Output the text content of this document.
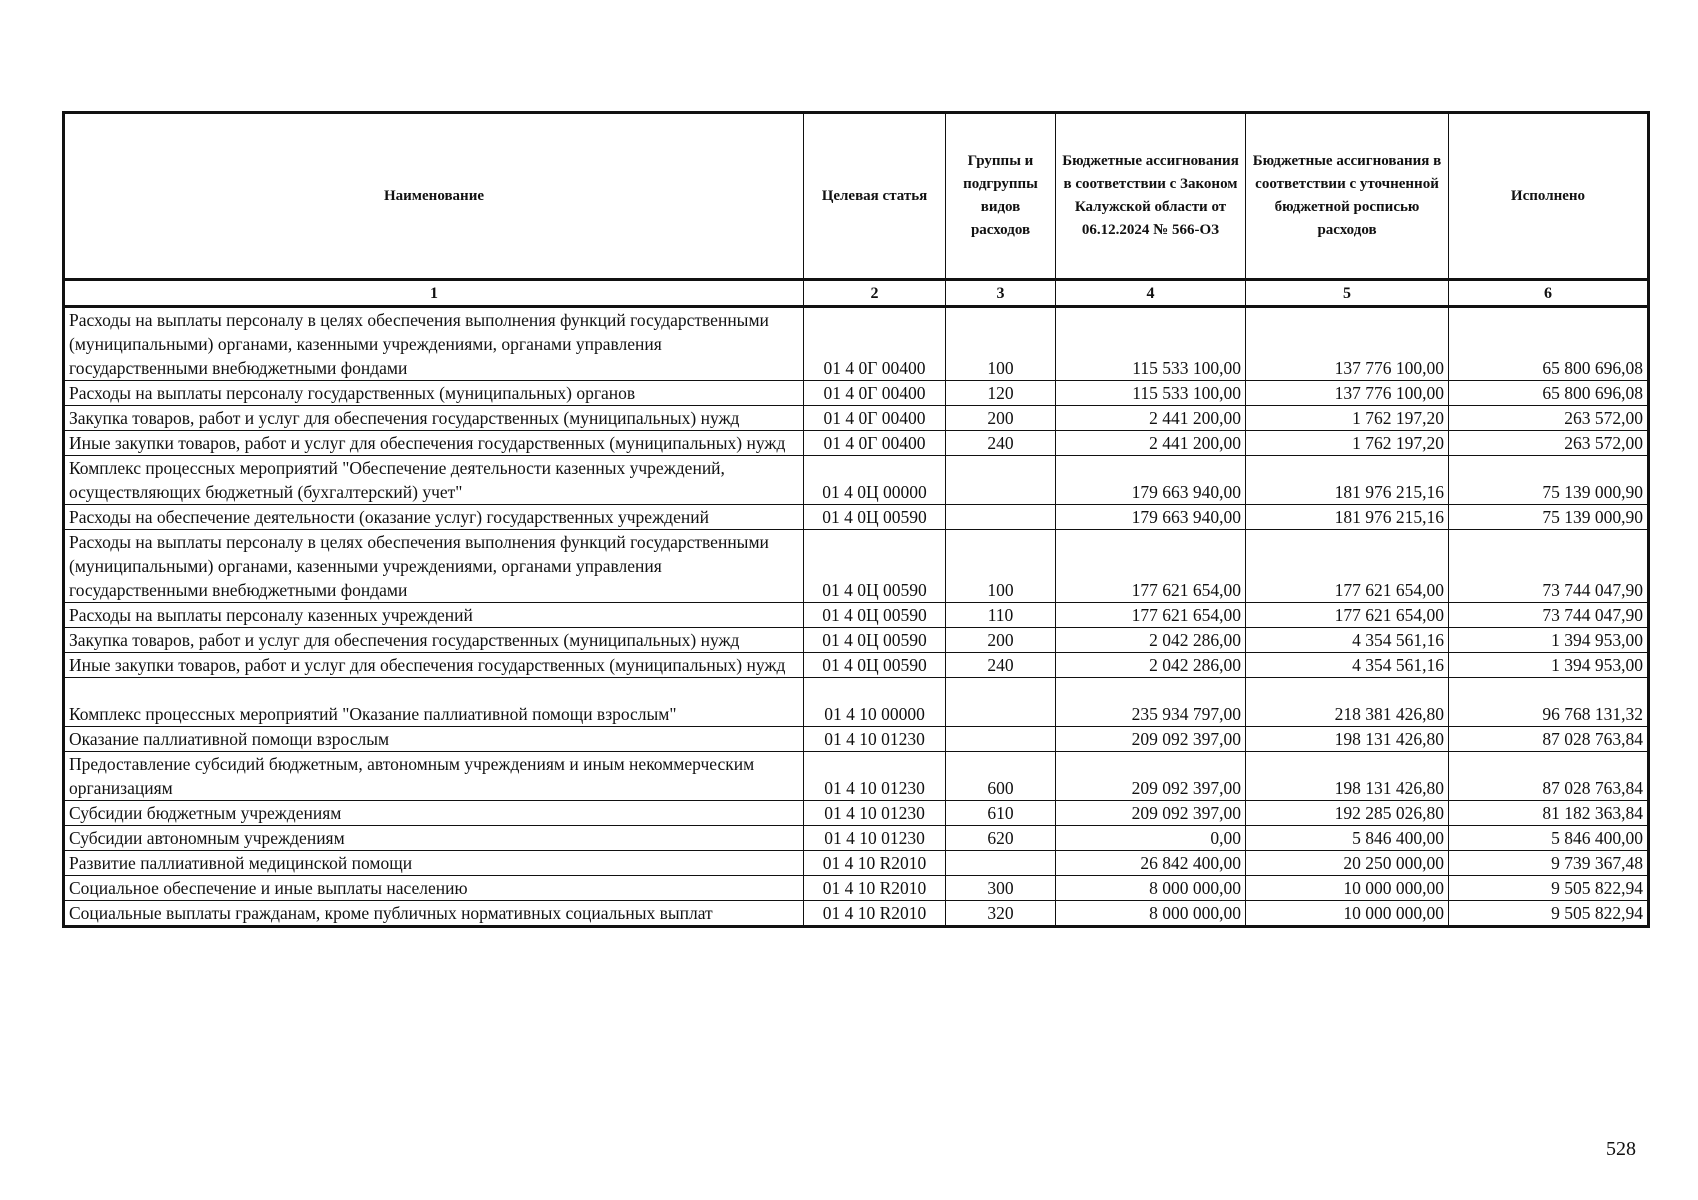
Наименование	Целевая статья	Группы и подгруппы видов расходов	Бюджетные ассигнования в соответствии с Законом Калужской области от 06.12.2024 № 566-ОЗ	Бюджетные ассигнования в соответствии с уточненной бюджетной росписью расходов	Исполнено
1	2	3	4	5	6
Расходы на выплаты персоналу в целях обеспечения выполнения функций государственными (муниципальными) органами, казенными учреждениями, органами управления государственными внебюджетными фондами	01 4 0Г 00400	100	115 533 100,00	137 776 100,00	65 800 696,08
Расходы на выплаты персоналу государственных (муниципальных) органов	01 4 0Г 00400	120	115 533 100,00	137 776 100,00	65 800 696,08
Закупка товаров, работ и услуг для обеспечения государственных (муниципальных) нужд	01 4 0Г 00400	200	2 441 200,00	1 762 197,20	263 572,00
Иные закупки товаров, работ и услуг для обеспечения государственных (муниципальных) нужд	01 4 0Г 00400	240	2 441 200,00	1 762 197,20	263 572,00
Комплекс процессных мероприятий "Обеспечение деятельности казенных учреждений, осуществляющих бюджетный (бухгалтерский) учет"	01 4 0Ц 00000		179 663 940,00	181 976 215,16	75 139 000,90
Расходы на обеспечение деятельности (оказание услуг) государственных учреждений	01 4 0Ц 00590		179 663 940,00	181 976 215,16	75 139 000,90
Расходы на выплаты персоналу в целях обеспечения выполнения функций государственными (муниципальными) органами, казенными учреждениями, органами управления государственными внебюджетными фондами	01 4 0Ц 00590	100	177 621 654,00	177 621 654,00	73 744 047,90
Расходы на выплаты персоналу казенных учреждений	01 4 0Ц 00590	110	177 621 654,00	177 621 654,00	73 744 047,90
Закупка товаров, работ и услуг для обеспечения государственных (муниципальных) нужд	01 4 0Ц 00590	200	2 042 286,00	4 354 561,16	1 394 953,00
Иные закупки товаров, работ и услуг для обеспечения государственных (муниципальных) нужд	01 4 0Ц 00590	240	2 042 286,00	4 354 561,16	1 394 953,00
Комплекс процессных мероприятий "Оказание паллиативной помощи взрослым"	01 4 10 00000		235 934 797,00	218 381 426,80	96 768 131,32
Оказание паллиативной помощи взрослым	01 4 10 01230		209 092 397,00	198 131 426,80	87 028 763,84
Предоставление субсидий бюджетным, автономным учреждениям и иным некоммерческим организациям	01 4 10 01230	600	209 092 397,00	198 131 426,80	87 028 763,84
Субсидии бюджетным учреждениям	01 4 10 01230	610	209 092 397,00	192 285 026,80	81 182 363,84
Субсидии автономным учреждениям	01 4 10 01230	620	0,00	5 846 400,00	5 846 400,00
Развитие паллиативной медицинской помощи	01 4 10 R2010		26 842 400,00	20 250 000,00	9 739 367,48
Социальное обеспечение и иные выплаты населению	01 4 10 R2010	300	8 000 000,00	10 000 000,00	9 505 822,94
Социальные выплаты гражданам, кроме публичных нормативных социальных выплат	01 4 10 R2010	320	8 000 000,00	10 000 000,00	9 505 822,94
528
